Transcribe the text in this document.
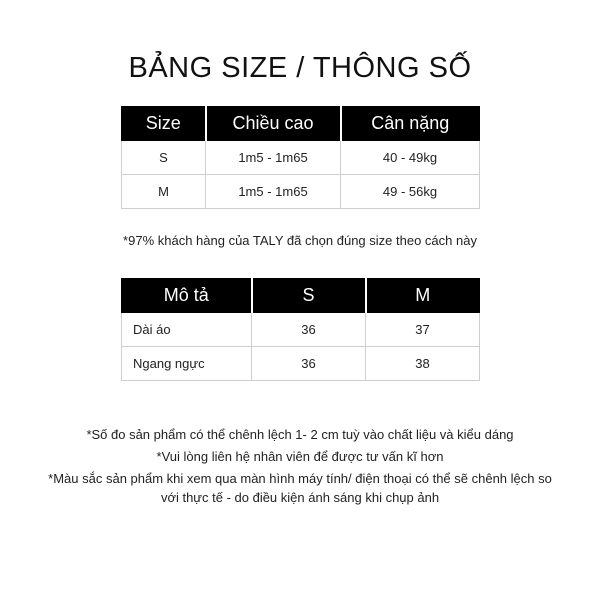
BẢNG SIZE / THÔNG SỐ
Size	Chiều cao	Cân nặng
S	1m5 - 1m65	40 - 49kg
M	1m5 - 1m65	49 - 56kg
*97% khách hàng của TALY đã chọn đúng size theo cách này
Mô tả	S	M
Dài áo	36	37
Ngang ngực	36	38

*Số đo sản phẩm có thể chênh lệch 1- 2 cm tuỳ vào chất liệu và kiểu dáng

*Vui lòng liên hệ nhân viên để được tư vấn kĩ hơn

*Màu sắc sản phẩm khi xem qua màn hình máy tính/ điện thoại có thể sẽ chênh lệch so với thực tế - do điều kiện ánh sáng khi chụp ảnh
